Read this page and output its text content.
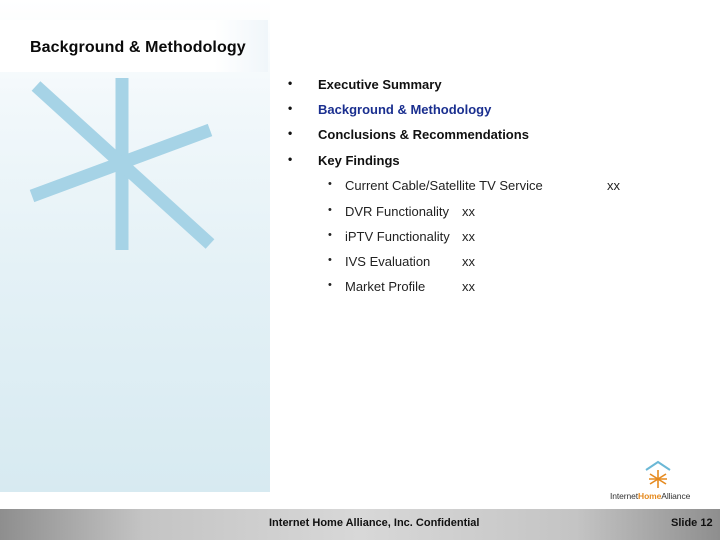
Background & Methodology
• Executive Summary
• Background & Methodology
• Conclusions & Recommendations
• Key Findings
• Current Cable/Satellite TV Service	xx
• DVR Functionality xx
• iPTV Functionality xx
• IVS Evaluation xx
• Market Profile	xx
InternetHomeAlliance
Internet Home Alliance, Inc. Confidential	Slide 12
